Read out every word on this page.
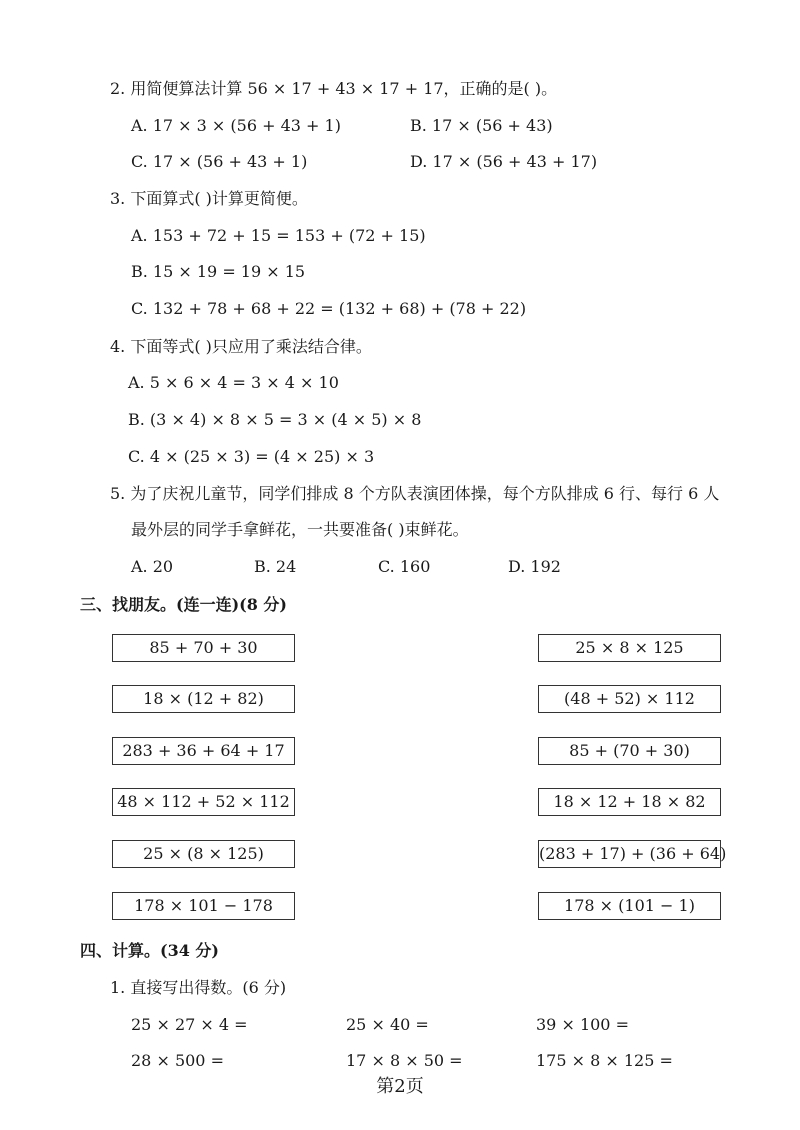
2. 用简便算法计算 56 × 17 + 43 × 17 + 17，正确的是( )。
A. 17 × 3 × (56 + 43 + 1)	B. 17 × (56 + 43)
C. 17 × (56 + 43 + 1)	D. 17 × (56 + 43 + 17)
3. 下面算式( )计算更简便。
A. 153 + 72 + 15 = 153 + (72 + 15)
B. 15 × 19 = 19 × 15
C. 132 + 78 + 68 + 22 = (132 + 68) + (78 + 22)
4. 下面等式( )只应用了乘法结合律。
A. 5 × 6 × 4 = 3 × 4 × 10
B. (3 × 4) × 8 × 5 = 3 × (4 × 5) × 8
C. 4 × (25 × 3) = (4 × 25) × 3
5. 为了庆祝儿童节，同学们排成 8 个方队表演团体操，每个方队排成 6 行、每行 6 人
最外层的同学手拿鲜花，一共要准备( )束鲜花。
A. 20	B. 24	C. 160	D. 192
三、找朋友。(连一连)(8 分)
85 + 70 + 30
18 × (12 + 82)
283 + 36 + 64 + 17
48 × 112 + 52 × 112
25 × (8 × 125)
178 × 101 − 178
25 × 8 × 125
(48 + 52) × 112
85 + (70 + 30)
18 × 12 + 18 × 82
(283 + 17) + (36 + 64)
178 × (101 − 1)
四、计算。(34 分)
1. 直接写出得数。(6 分)
25 × 27 × 4 =	25 × 40 =	39 × 100 =
28 × 500 =	17 × 8 × 50 =	175 × 8 × 125 =
第2页
